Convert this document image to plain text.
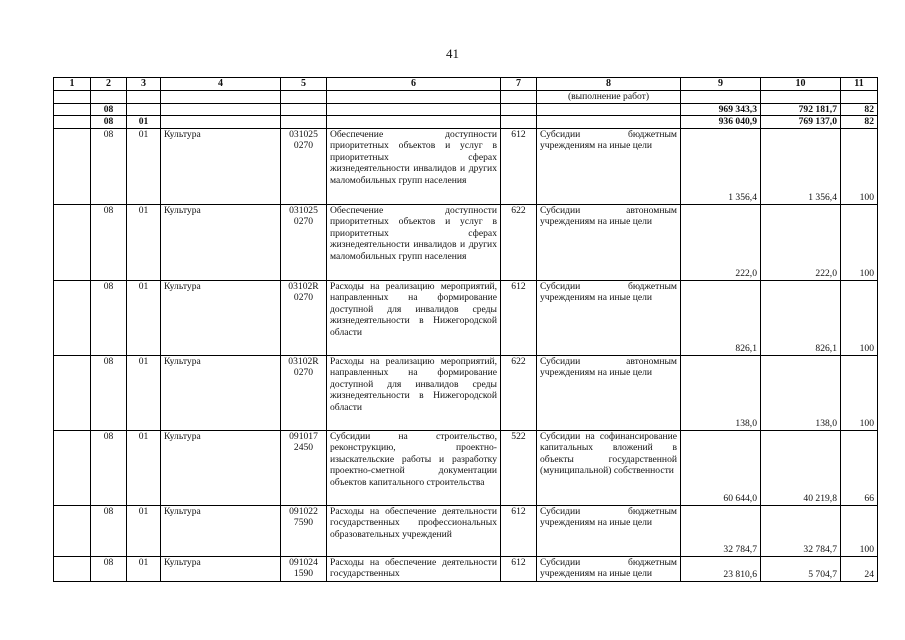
41
1	2	3	4	5	6	7	8	9	10	11
							(выполнение работ)			
	08							969 343,3	792 181,7	82
	08	01						936 040,9	769 137,0	82
	08	01	Культура	031025 0270	Обеспечение доступности приоритетных объектов и услуг в приоритетных сферах жизнедеятельности инвалидов и других маломобильных групп населения	612	Субсидии бюджетным учреждениям на иные цели	1 356,4	1 356,4	100
	08	01	Культура	031025 0270	Обеспечение доступности приоритетных объектов и услуг в приоритетных сферах жизнедеятельности инвалидов и других маломобильных групп населения	622	Субсидии автономным учреждениям на иные цели	222,0	222,0	100
	08	01	Культура	03102R 0270	Расходы на реализацию мероприятий, направленных на формирование доступной для инвалидов среды жизнедеятельности в Нижегородской области	612	Субсидии бюджетным учреждениям на иные цели	826,1	826,1	100
	08	01	Культура	03102R 0270	Расходы на реализацию мероприятий, направленных на формирование доступной для инвалидов среды жизнедеятельности в Нижегородской области	622	Субсидии автономным учреждениям на иные цели	138,0	138,0	100
	08	01	Культура	091017 2450	Субсидии на строительство, реконструкцию, проектно-изыскательские работы и разработку проектно-сметной документации объектов капитального строительства	522	Субсидии на софинансирование капитальных вложений в объекты государственной (муниципальной) собственности	60 644,0	40 219,8	66
	08	01	Культура	091022 7590	Расходы на обеспечение деятельности государственных профессиональных образовательных учреждений	612	Субсидии бюджетным учреждениям на иные цели	32 784,7	32 784,7	100
	08	01	Культура	091024 1590	Расходы на обеспечение деятельности государственных	612	Субсидии бюджетным учреждениям на иные цели	23 810,6	5 704,7	24
